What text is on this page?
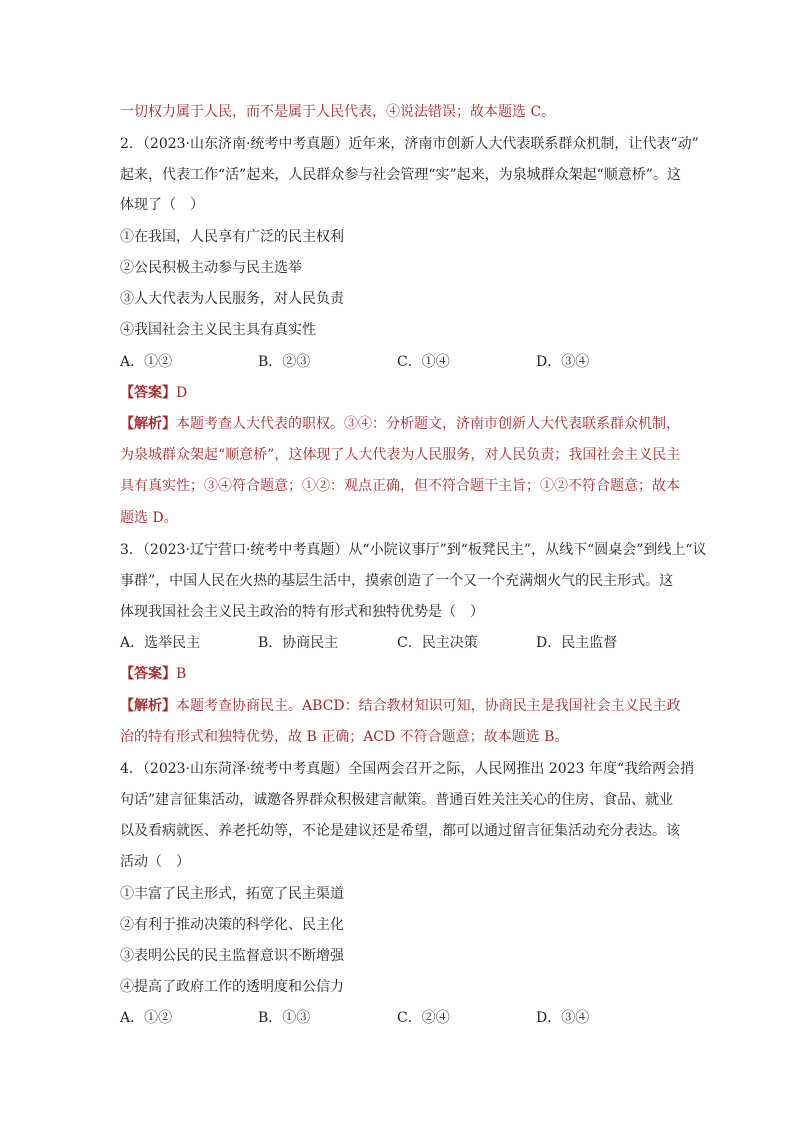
一切权力属于人民，而不是属于人民代表，④说法错误；故本题选 C。
2．（2023·山东济南·统考中考真题）近年来，济南市创新人大代表联系群众机制，让代表“动”
起来，代表工作“活”起来，人民群众参与社会管理“实”起来，为泉城群众架起“顺意桥”。这
体现了（　）
①在我国，人民享有广泛的民主权利
②公民积极主动参与民主选举
③人大代表为人民服务，对人民负责
④我国社会主义民主具有真实性
A．①②	B．②③	C．①④	D．③④
【答案】D
【解析】本题考查人大代表的职权。③④：分析题文，济南市创新人大代表联系群众机制，
为泉城群众架起“顺意桥”，这体现了人大代表为人民服务，对人民负责；我国社会主义民主
具有真实性；③④符合题意；①②：观点正确，但不符合题干主旨；①②不符合题意；故本
题选 D。
3．（2023·辽宁营口·统考中考真题）从“小院议事厅”到“板凳民主”，从线下“圆桌会”到线上“议
事群”，中国人民在火热的基层生活中，摸索创造了一个又一个充满烟火气的民主形式。这
体现我国社会主义民主政治的特有形式和独特优势是（　）
A．选举民主	B．协商民主	C．民主决策	D．民主监督
【答案】B
【解析】本题考查协商民主。ABCD：结合教材知识可知，协商民主是我国社会主义民主政
治的特有形式和独特优势，故 B 正确；ACD 不符合题意；故本题选 B。
4．（2023·山东菏泽·统考中考真题）全国两会召开之际，人民网推出 2023 年度“我给两会捎
句话”建言征集活动，诚邀各界群众积极建言献策。普通百姓关注关心的住房、食品、就业
以及看病就医、养老托幼等，不论是建议还是希望，都可以通过留言征集活动充分表达。该
活动（　）
①丰富了民主形式，拓宽了民主渠道
②有利于推动决策的科学化、民主化
③表明公民的民主监督意识不断增强
④提高了政府工作的透明度和公信力
A．①②	B．①③	C．②④	D．③④
